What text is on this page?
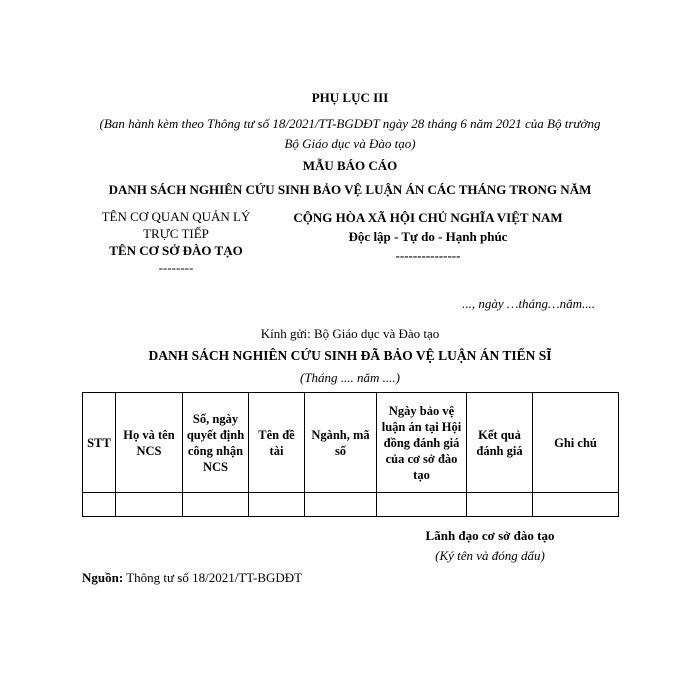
PHỤ LỤC III
(Ban hành kèm theo Thông tư số 18/2021/TT-BGDĐT ngày 28 tháng 6 năm 2021 của Bộ trưởng
Bộ Giáo dục và Đào tạo)
MẪU BÁO CÁO
DANH SÁCH NGHIÊN CỨU SINH BẢO VỆ LUẬN ÁN CÁC THÁNG TRONG NĂM
TÊN CƠ QUAN QUẢN LÝ
TRỰC TIẾP
TÊN CƠ SỞ ĐÀO TẠO
--------
CỘNG HÒA XÃ HỘI CHỦ NGHĨA VIỆT NAM
Độc lập - Tự do - Hạnh phúc
---------------
..., ngày …tháng…năm....
Kính gửi: Bộ Giáo dục và Đào tạo
DANH SÁCH NGHIÊN CỨU SINH ĐÃ BẢO VỆ LUẬN ÁN TIẾN SĨ
(Tháng .... năm ....)
STT	Họ và tên NCS	Số, ngày quyết định công nhận NCS	Tên đề tài	Ngành, mã số	Ngày bảo vệ luận án tại Hội đồng đánh giá của cơ sở đào tạo	Kết quả đánh giá	Ghi chú

Lãnh đạo cơ sở đào tạo
(Ký tên và đóng dấu)
Nguồn: Thông tư số 18/2021/TT-BGDĐT
